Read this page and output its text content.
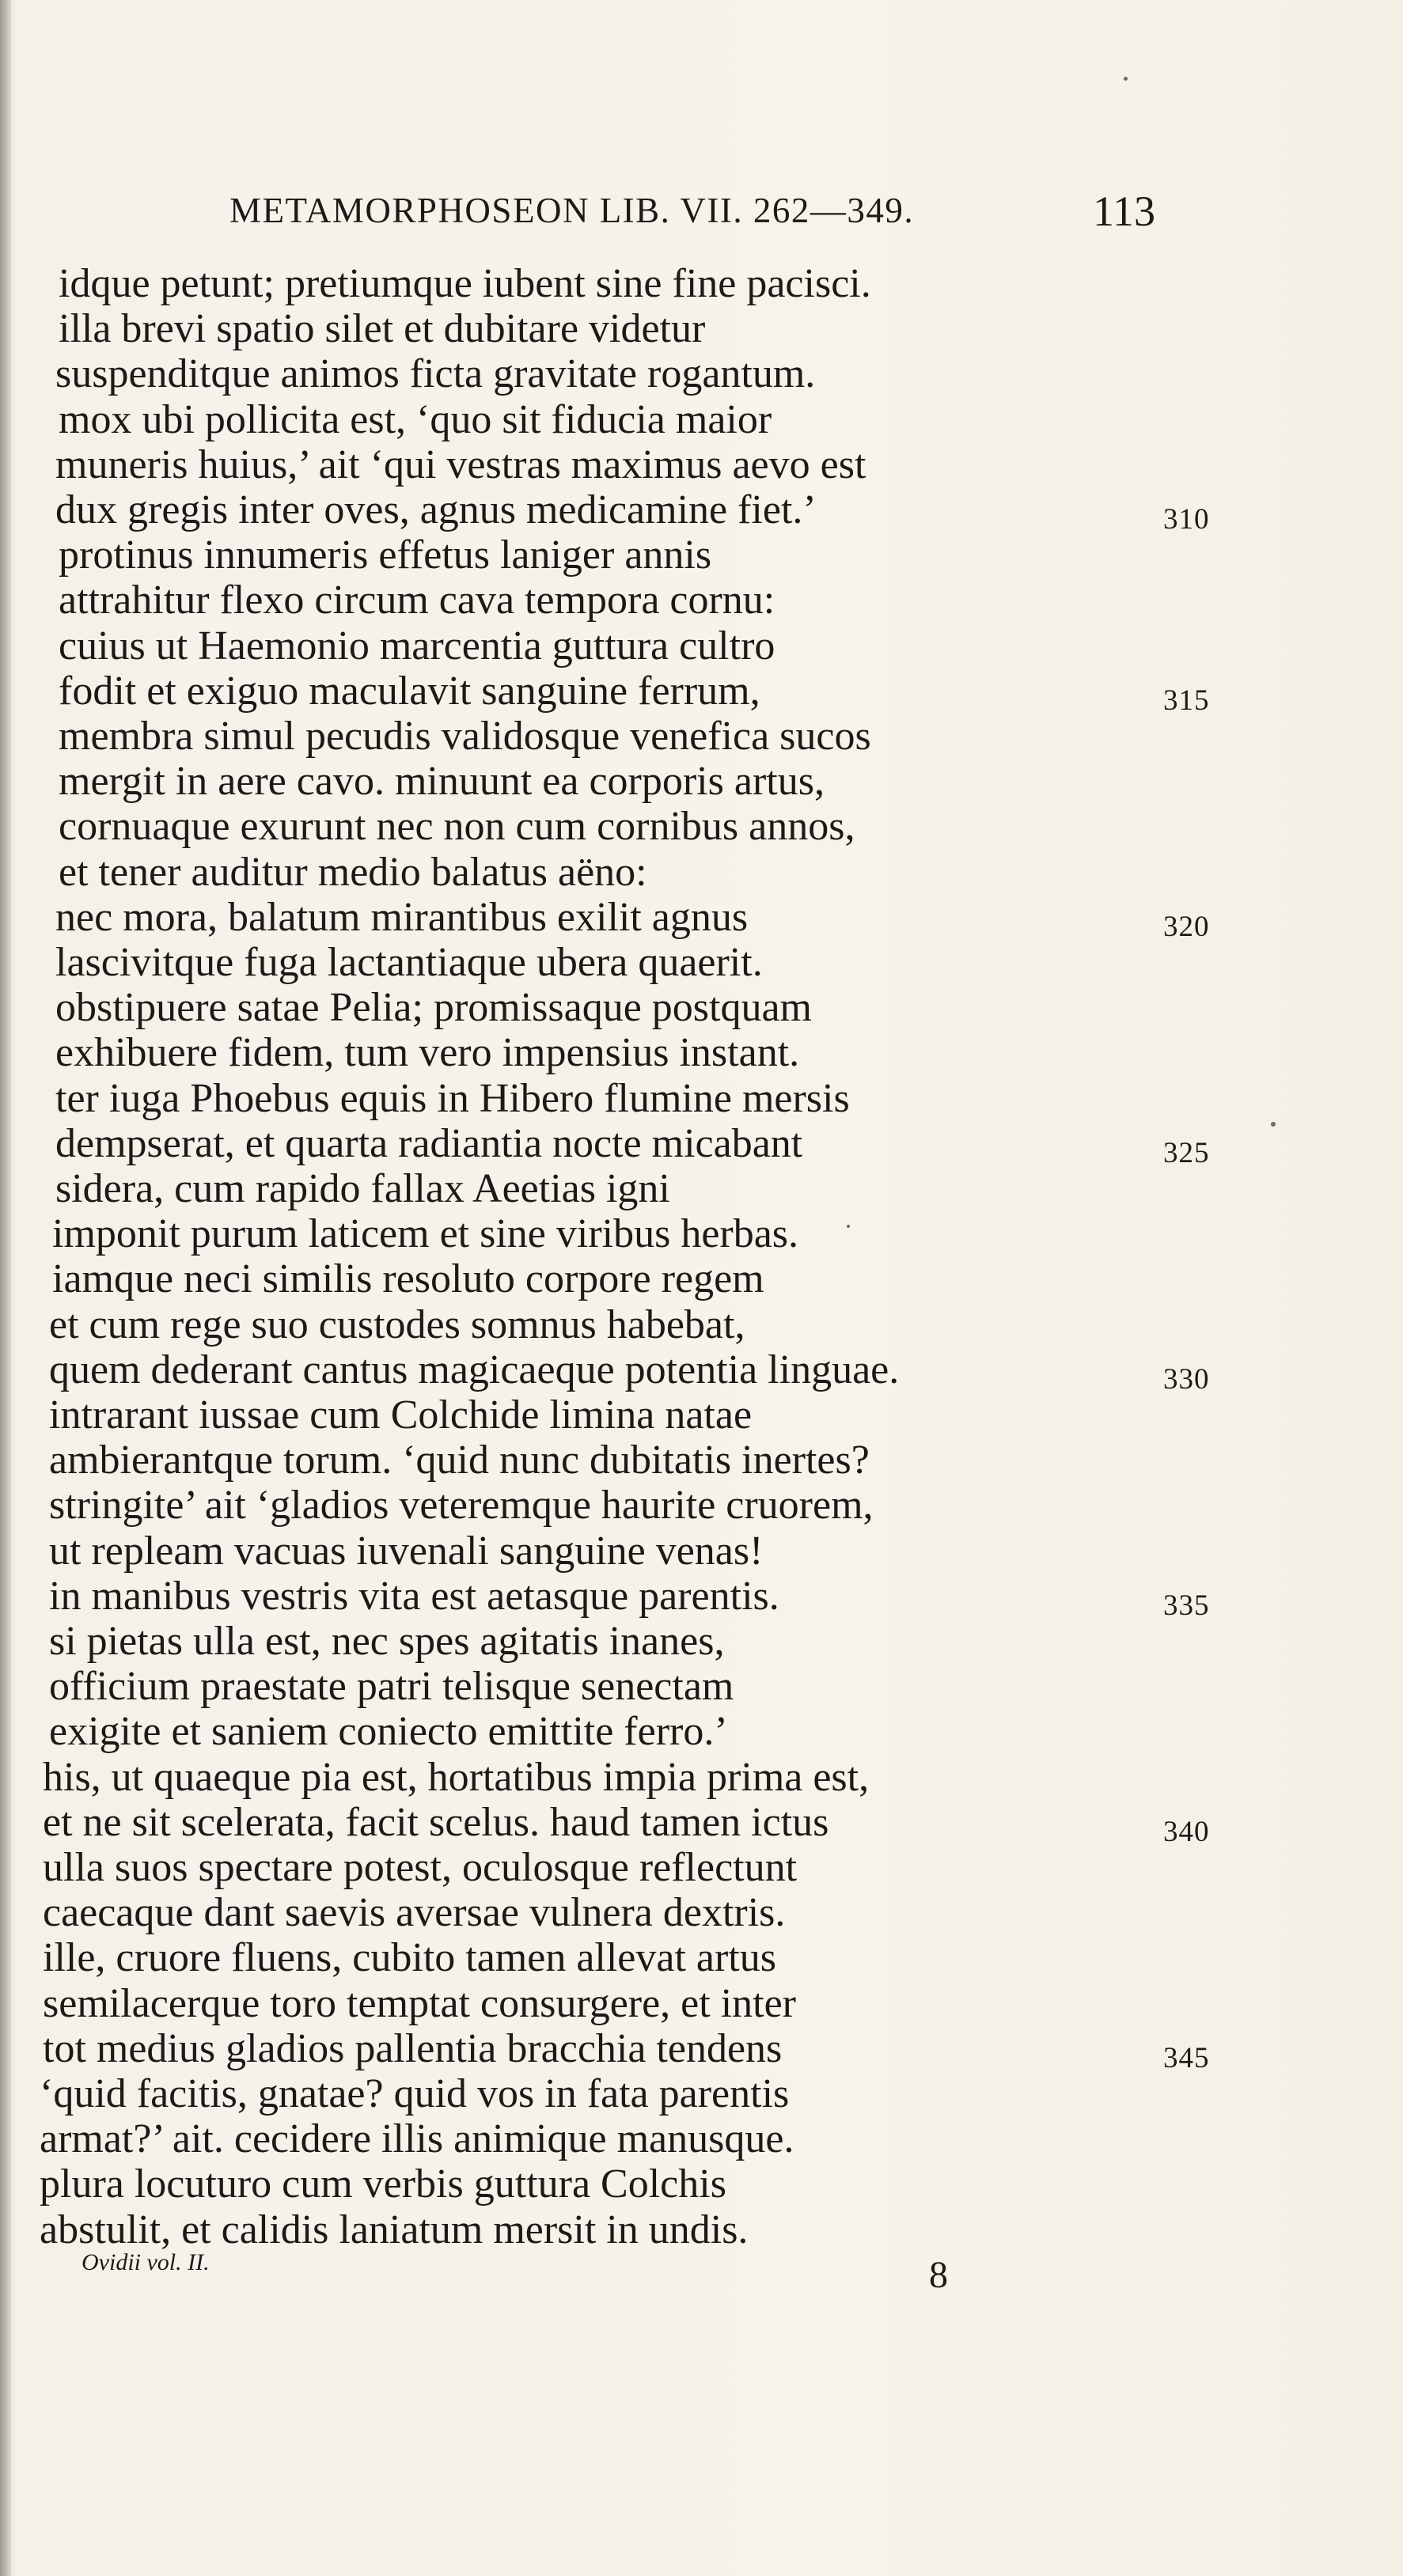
METAMORPHOSEON LIB. VII. 262—349.	113
idque petunt; pretiumque iubent sine fine pacisci.
illa brevi spatio silet et dubitare videtur
suspenditque animos ficta gravitate rogantum.
mox ubi pollicita est, ‘quo sit fiducia maior
muneris huius,’ ait ‘qui vestras maximus aevo est
dux gregis inter oves, agnus medicamine fiet.’	310
protinus innumeris effetus laniger annis
attrahitur flexo circum cava tempora cornu:
cuius ut Haemonio marcentia guttura cultro
fodit et exiguo maculavit sanguine ferrum,	315
membra simul pecudis validosque venefica sucos
mergit in aere cavo. minuunt ea corporis artus,
cornuaque exurunt nec non cum cornibus annos,
et tener auditur medio balatus aëno:
nec mora, balatum mirantibus exilit agnus	320
lascivitque fuga lactantiaque ubera quaerit.
obstipuere satae Pelia; promissaque postquam
exhibuere fidem, tum vero impensius instant.
ter iuga Phoebus equis in Hibero flumine mersis
dempserat, et quarta radiantia nocte micabant	325
sidera, cum rapido fallax Aeetias igni
imponit purum laticem et sine viribus herbas.
iamque neci similis resoluto corpore regem
et cum rege suo custodes somnus habebat,
quem dederant cantus magicaeque potentia linguae.	330
intrarant iussae cum Colchide limina natae
ambierantque torum. ‘quid nunc dubitatis inertes?
stringite’ ait ‘gladios veteremque haurite cruorem,
ut repleam vacuas iuvenali sanguine venas!
in manibus vestris vita est aetasque parentis.	335
si pietas ulla est, nec spes agitatis inanes,
officium praestate patri telisque senectam
exigite et saniem coniecto emittite ferro.’
his, ut quaeque pia est, hortatibus impia prima est,
et ne sit scelerata, facit scelus. haud tamen ictus	340
ulla suos spectare potest, oculosque reflectunt
caecaque dant saevis aversae vulnera dextris.
ille, cruore fluens, cubito tamen allevat artus
semilacerque toro temptat consurgere, et inter
tot medius gladios pallentia bracchia tendens	345
‘quid facitis, gnatae? quid vos in fata parentis
armat?’ ait. cecidere illis animique manusque.
plura locuturo cum verbis guttura Colchis
abstulit, et calidis laniatum mersit in undis.
Ovidii vol. II.	8
